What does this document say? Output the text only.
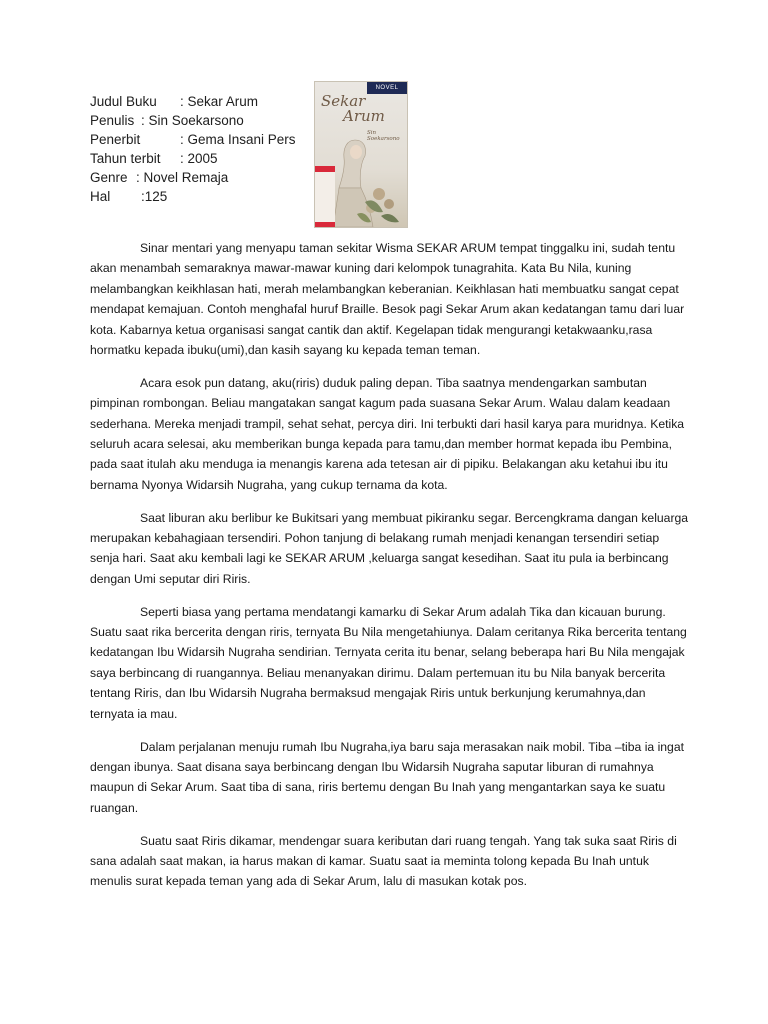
Judul Buku : Sekar Arum
Penulis : Sin Soekarsono
Penerbit	: Gema Insani Pers
Tahun terbit : 2005
Genre : Novel Remaja
Hal :125
NOVEL
Sekar
Arum
Sin Soekarsono

Sinar mentari yang menyapu taman sekitar Wisma SEKAR ARUM tempat tinggalku ini, sudah tentu akan menambah semaraknya mawar-mawar kuning dari kelompok tunagrahita. Kata Bu Nila, kuning melambangkan keikhlasan hati, merah melambangkan keberanian. Keikhlasan hati membuatku sangat cepat mendapat kemajuan. Contoh menghafal huruf Braille. Besok pagi Sekar Arum akan kedatangan tamu dari luar kota. Kabarnya ketua organisasi sangat cantik dan aktif. Kegelapan tidak mengurangi ketakwaanku,rasa hormatku kepada ibuku(umi),dan kasih sayang ku kepada teman teman.

Acara esok pun datang, aku(riris) duduk paling depan. Tiba saatnya mendengarkan sambutan pimpinan rombongan. Beliau mangatakan sangat kagum pada suasana Sekar Arum. Walau dalam keadaan sederhana. Mereka menjadi trampil, sehat sehat, percya diri. Ini terbukti dari hasil karya para muridnya. Ketika seluruh acara selesai, aku memberikan bunga kepada para tamu,dan member hormat kepada ibu Pembina, pada saat itulah aku menduga ia menangis karena ada tetesan air di pipiku. Belakangan aku ketahui ibu itu bernama Nyonya Widarsih Nugraha, yang cukup ternama da kota.

Saat liburan aku berlibur ke Bukitsari yang membuat pikiranku segar. Bercengkrama dangan keluarga merupakan kebahagiaan tersendiri. Pohon tanjung di belakang rumah menjadi kenangan tersendiri setiap senja hari. Saat aku kembali lagi ke SEKAR ARUM ,keluarga sangat kesedihan. Saat itu pula ia berbincang dengan Umi seputar diri Riris.

Seperti biasa yang pertama mendatangi kamarku di Sekar Arum adalah Tika dan kicauan burung. Suatu saat rika bercerita dengan riris, ternyata Bu Nila mengetahiunya. Dalam ceritanya Rika bercerita tentang kedatangan Ibu Widarsih Nugraha sendirian. Ternyata cerita itu benar, selang beberapa hari Bu Nila mengajak saya berbincang di ruangannya. Beliau menanyakan dirimu. Dalam pertemuan itu bu Nila banyak bercerita tentang Riris, dan Ibu Widarsih Nugraha bermaksud mengajak Riris untuk berkunjung kerumahnya,dan ternyata ia mau.

Dalam perjalanan menuju rumah Ibu Nugraha,iya baru saja merasakan naik mobil. Tiba –tiba ia ingat dengan ibunya. Saat disana saya berbincang dengan Ibu Widarsih Nugraha saputar liburan di rumahnya maupun di Sekar Arum. Saat tiba di sana, riris bertemu dengan Bu Inah yang mengantarkan saya ke suatu ruangan.

Suatu saat Riris dikamar, mendengar suara keributan dari ruang tengah. Yang tak suka saat Riris di sana adalah saat makan, ia harus makan di kamar. Suatu saat ia meminta tolong kepada Bu Inah untuk menulis surat kepada teman yang ada di Sekar Arum, lalu di masukan kotak pos.
